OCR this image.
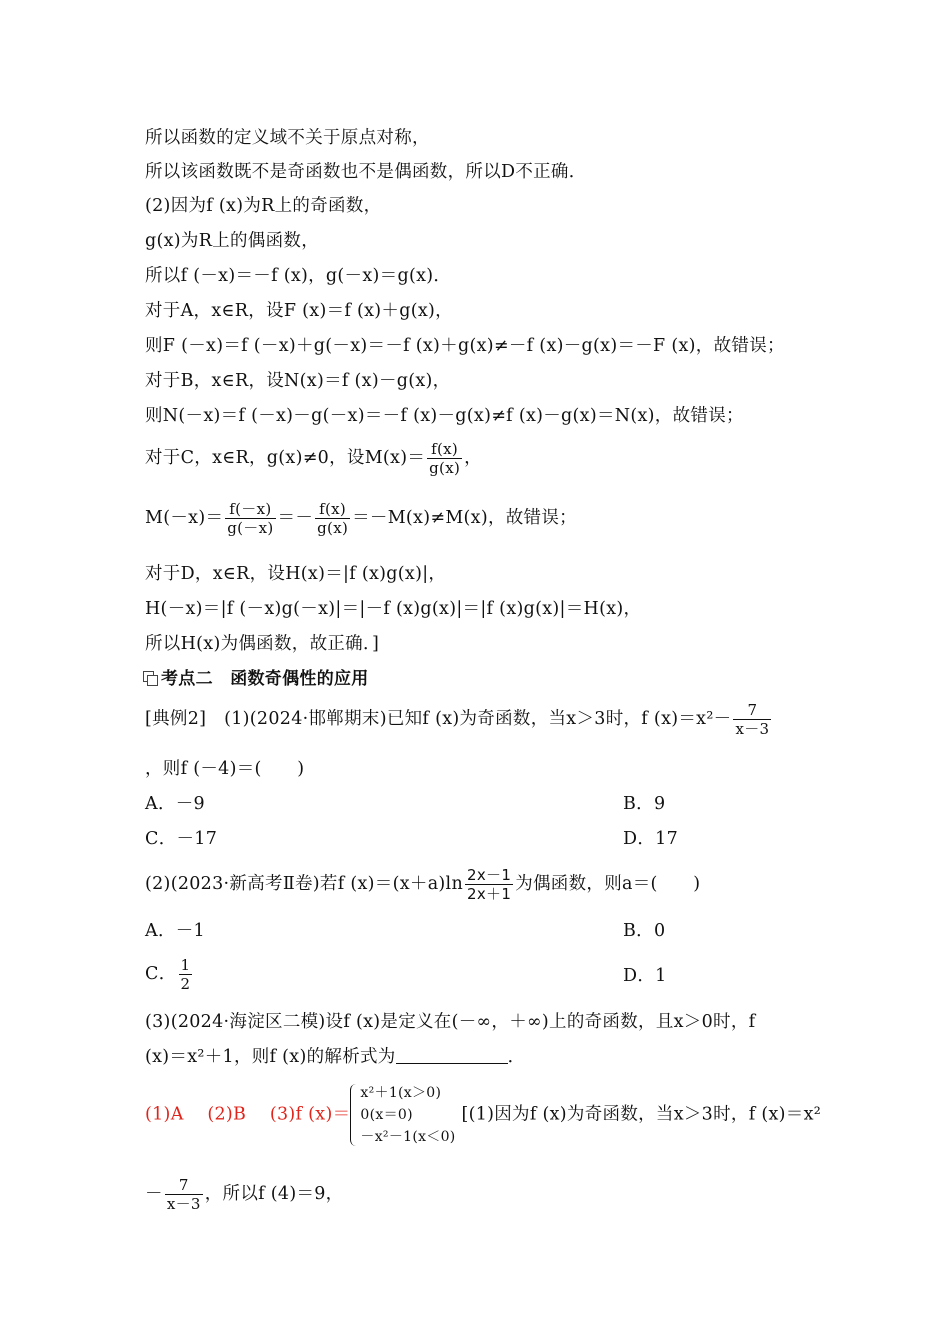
所以函数的定义域不关于原点对称，
所以该函数既不是奇函数也不是偶函数，所以D不正确．
(2)因为f (x)为R上的奇函数，
g(x)为R上的偶函数，
所以f (－x)＝－f (x)，g(－x)＝g(x)．
对于A，x∈R，设F (x)＝f (x)＋g(x)，
则F (－x)＝f (－x)＋g(－x)＝－f (x)＋g(x)≠－f (x)－g(x)＝－F (x)，故错误；
对于B，x∈R，设N(x)＝f (x)－g(x)，
则N(－x)＝f (－x)－g(－x)＝－f (x)－g(x)≠f (x)－g(x)＝N(x)，故错误；
对于C，x∈R，g(x)≠0，设$M(x)= \frac{f(x)}{g(x)}$ ，
$M(-x)= \frac{f(-x)}{g(-x)} =- \frac{f(x)}{g(x)} =-M(x)\ne M(x)$，故错误；
对于D，x∈R，设H(x)＝|f (x)g(x)|，
H(－x)＝|f (－x)g(－x)|＝|－f (x)g(x)|＝|f (x)g(x)|＝H(x)，
所以H(x)为偶函数，故正确．]
考点二　函数奇偶性的应用
[典例2]　(1)(2024·邯郸期末)已知f (x)为奇函数，当x＞3时，f $(x)=x^2- \frac{7}{x-3}$
，则f (－4)＝(　　)
A．－9	B．9
C．－17	D．17
(2)(2023·新高考Ⅱ卷)若f $(x)=(x+a)\ln \frac{2x-1}{2x+1}$ 为偶函数，则a＝(　　)
A．－1	B．0
C． $\frac{1}{2}$	D．1
(3)(2024·海淀区二模)设f (x)是定义在(－∞，＋∞)上的奇函数，且x＞0时，f
(x)＝x²＋1，则f (x)的解析式为	．
(1)A　 (2)B　 (3)f (x)＝
x²＋1(x＞0)
0(x＝0)
－x²－1(x＜0)
[(1)因为f (x)为奇函数，当x＞3时，f (x)＝x²
－ $\frac{7}{x-3}$ ，所以f (4)＝9，
